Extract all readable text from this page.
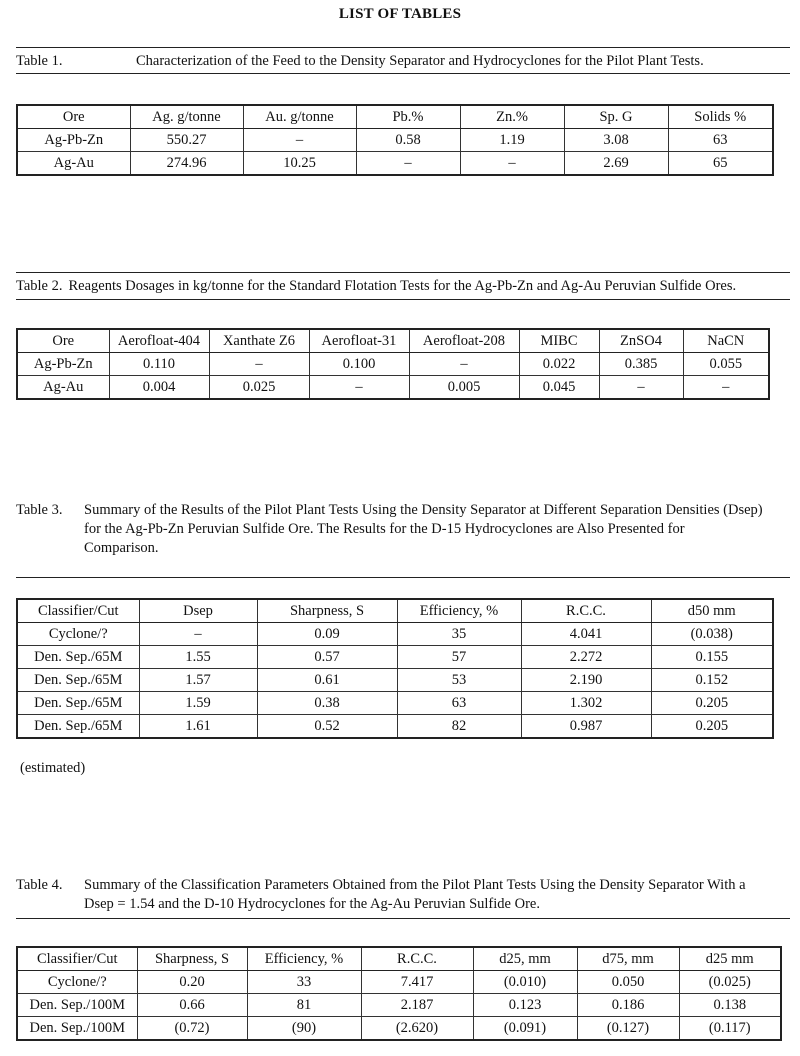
LIST OF TABLES
Table 1.	Characterization of the Feed to the Density Separator and Hydrocyclones for the Pilot Plant Tests.
Ore	Ag. g/tonne	Au. g/tonne	Pb.%	Zn.%	Sp. G	Solids %
Ag-Pb-Zn	550.27	–	0.58	1.19	3.08	63
Ag-Au	274.96	10.25	–	–	2.69	65
Table 2. Reagents Dosages in kg/tonne for the Standard Flotation Tests for the Ag-Pb-Zn and Ag-Au Peruvian Sulfide Ores.
Ore	Aerofloat-404	Xanthate Z6	Aerofloat-31	Aerofloat-208	MIBC	ZnSO4	NaCN
Ag-Pb-Zn	0.110	–	0.100	–	0.022	0.385	0.055
Ag-Au	0.004	0.025	–	0.005	0.045	–	–
Table 3.	Summary of the Results of the Pilot Plant Tests Using the Density Separator at Different Separation Densities (Dsep)
for the Ag-Pb-Zn Peruvian Sulfide Ore. The Results for the D-15 Hydrocyclones are Also Presented for
Comparison.
Classifier/Cut	Dsep	Sharpness, S	Efficiency, %	R.C.C.	d50 mm
Cyclone/?	–	0.09	35	4.041	(0.038)
Den. Sep./65M	1.55	0.57	57	2.272	0.155
Den. Sep./65M	1.57	0.61	53	2.190	0.152
Den. Sep./65M	1.59	0.38	63	1.302	0.205
Den. Sep./65M	1.61	0.52	82	0.987	0.205
(estimated)
Table 4.	Summary of the Classification Parameters Obtained from the Pilot Plant Tests Using the Density Separator With a
Dsep = 1.54 and the D-10 Hydrocyclones for the Ag-Au Peruvian Sulfide Ore.
Classifier/Cut	Sharpness, S	Efficiency, %	R.C.C.	d25, mm	d75, mm	d25 mm
Cyclone/?	0.20	33	7.417	(0.010)	0.050	(0.025)
Den. Sep./100M	0.66	81	2.187	0.123	0.186	0.138
Den. Sep./100M	(0.72)	(90)	(2.620)	(0.091)	(0.127)	(0.117)
